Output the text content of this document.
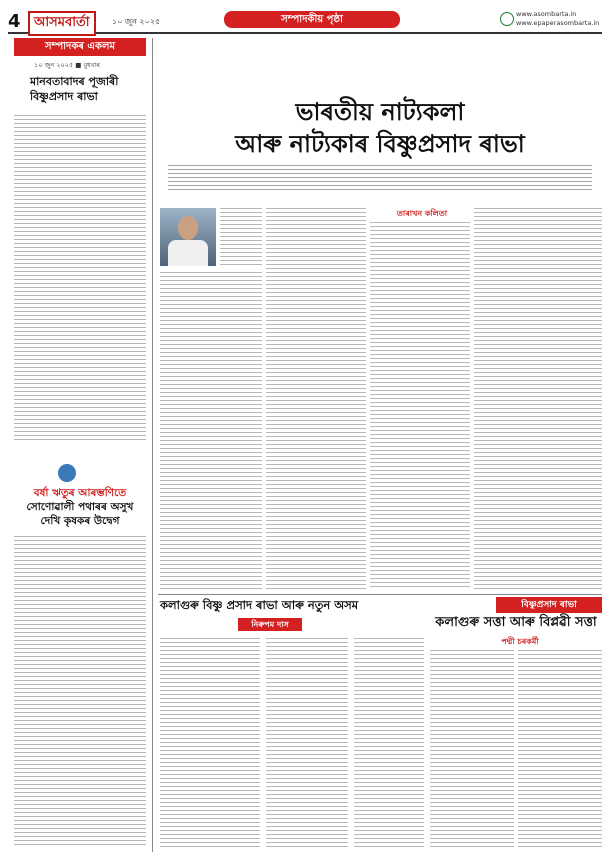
4	আসমবাৰ্তা	১০ জুন ২০২৫	সম্পাদকীয় পৃষ্ঠা	www.asombarta.in
www.epaperasombarta.in
সম্পাদকৰ একলম
১০ জুন ২০২৫ ■ বুধবাৰ
মানবতাবাদৰ পূজাৰী বিষ্ণুপ্ৰসাদ ৰাভা
বৰ্ষা ঋতুৰ আৰম্ভণিতে
সোণোৱালী পথাৰৰ অসুখ
দেখি কৃষকৰ উদ্বেগ
ভাৰতীয় নাট্যকলা
আৰু নাট্যকাৰ বিষ্ণুপ্ৰসাদ ৰাভা
তাৰাখন কলিতা
কলাগুৰু বিষ্ণু প্ৰসাদ ৰাভা আৰু নতুন অসম
নিৰুপম দাস
বিষ্ণুপ্ৰসাদ ৰাভা
কলাগুৰু সত্তা আৰু বিপ্লৱী সত্তা
পদ্মী চৰকৰ্মী
